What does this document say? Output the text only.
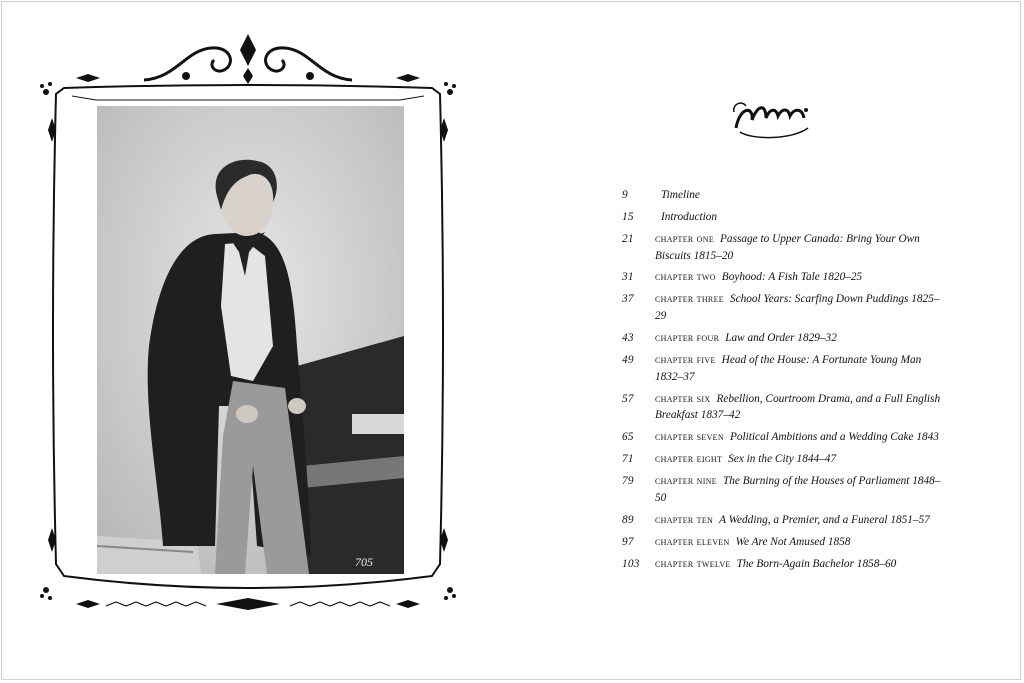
705
9	Timeline
15	Introduction
21	chapter one Passage to Upper Canada: Bring Your Own Biscuits 1815–20
31	chapter two Boyhood: A Fish Tale 1820–25
37	chapter three School Years: Scarfing Down Puddings 1825–29
43	chapter four Law and Order 1829–32
49	chapter five Head of the House: A Fortunate Young Man 1832–37
57	chapter six Rebellion, Courtroom Drama, and a Full English Breakfast 1837–42
65	chapter seven Political Ambitions and a Wedding Cake 1843
71	chapter eight Sex in the City 1844–47
79	chapter nine The Burning of the Houses of Parliament 1848–50
89	chapter ten A Wedding, a Premier, and a Funeral 1851–57
97	chapter eleven We Are Not Amused 1858
103	chapter twelve The Born-Again Bachelor 1858–60
